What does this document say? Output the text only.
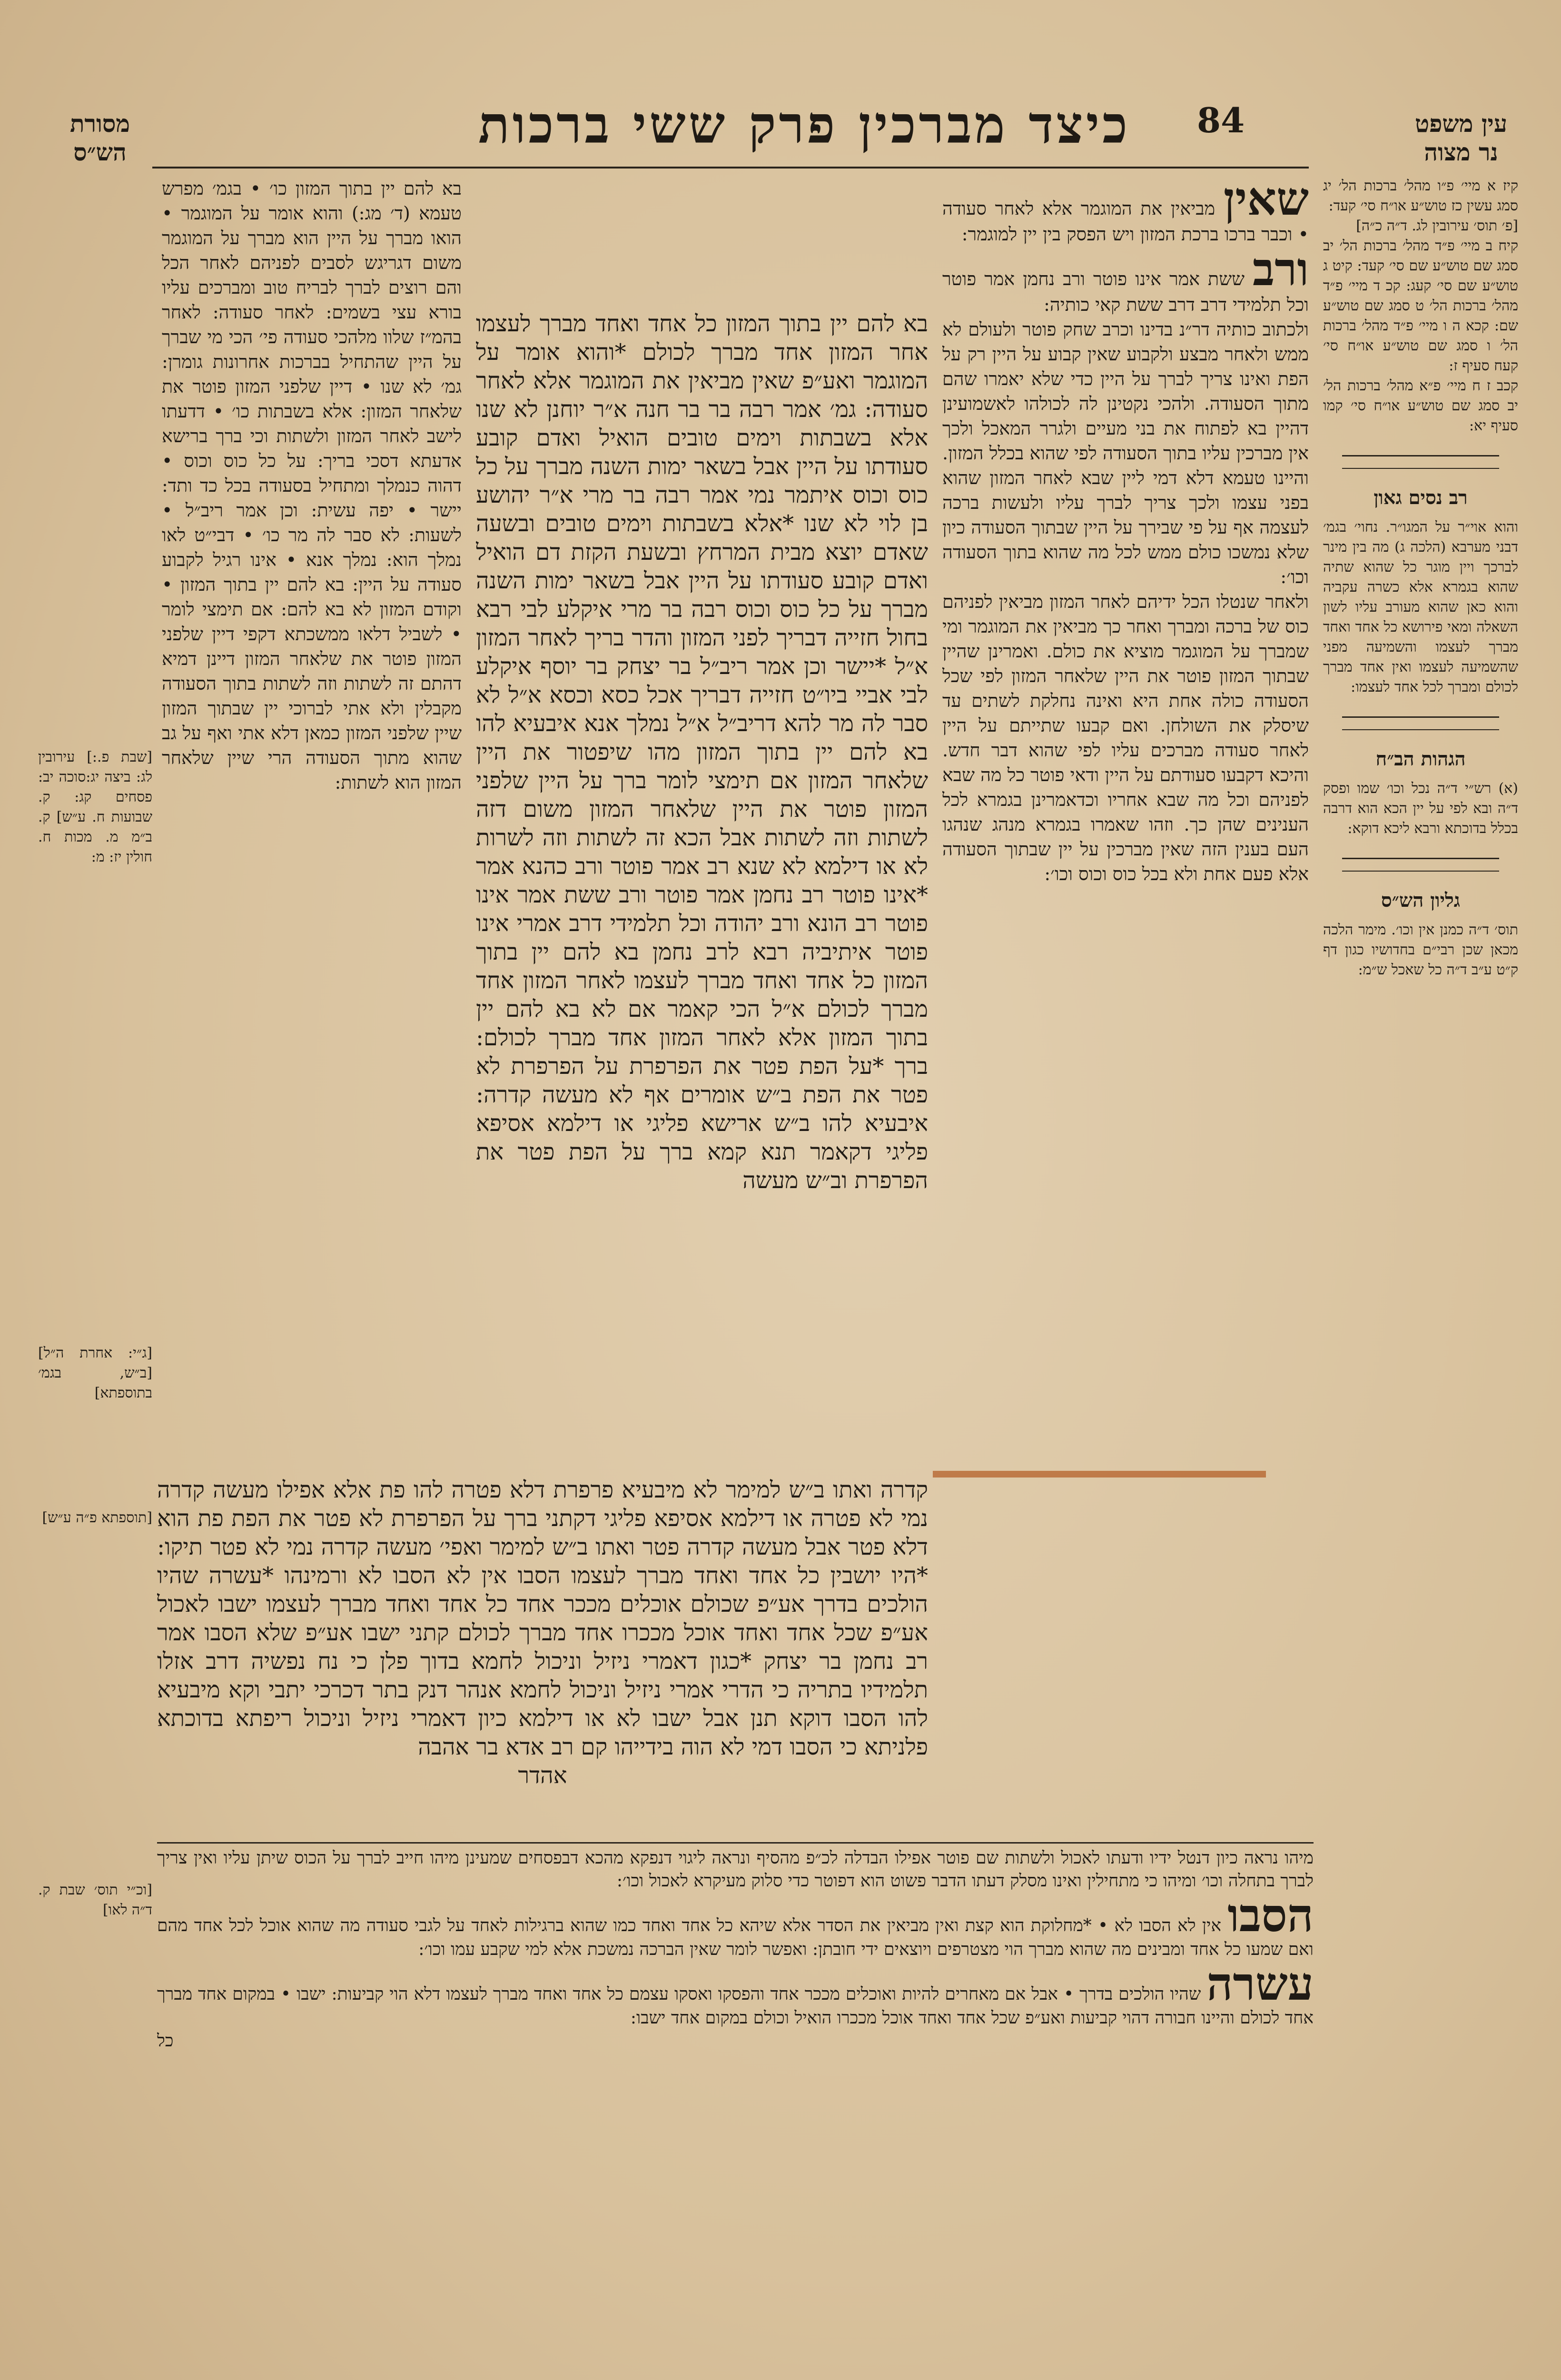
מסורת
הש״ס	כיצד מברכין פרק ששי ברכות	84	עין משפט
נר מצוה

קיז א מיי׳ פ״ו מהל׳ ברכות הל׳ יג סמג עשין כז טוש״ע או״ח סי׳ קעד:
[פ׳ תוס׳ עירובין לג. ד״ה כ״ה]
קיח ב מיי׳ פ״ד מהל׳ ברכות הל׳ יב סמג שם טוש״ע שם סי׳ קעד: קיט ג טוש״ע שם סי׳ קעג: קכ ד מיי׳ פ״ד מהל׳ ברכות הל׳ ט סמג שם טוש״ע שם: קכא ה ו מיי׳ פ״ד מהל׳ ברכות הל׳ ו סמג שם טוש״ע או״ח סי׳ קעח סעיף ז:
קכב ז ח מיי׳ פ״א מהל׳ ברכות הל׳ יב סמג שם טוש״ע או״ח סי׳ קמו סעיף יא:

רב נסים גאון

והוא אוי״ר על המגו״ר. נחוי׳ בגמ׳ דבני מערבא (הלכה ג) מה בין מינר לברכך ויין מוגר כל שהוא שתיה שהוא בגמרא אלא כשרה עקביה והוא כאן שהוא מעורב עליו לשון השאלה ומאי פירושא כל אחד ואחד מברך לעצמו והשמיעה מפני שהשמיעה לעצמו ואין אחד מברך לכולם ומברך לכל אחד לעצמו:

הגהות הב״ח

(א) רש״י ד״ה נכל וכו׳ שמו ופסק ד״ה ובא לפי על יין הכא הוא דרבה בכלל בדוכתא ורבא ליכא דוקא:

גליון הש״ס

תוס׳ ד״ה כמנן אין וכו׳. מימר הלכה מכאן שכן רבי״ם בחדושיו כגון דף ק״ט ע״ב ד״ה כל שאכל ש״מ:

שאין מביאין את המוגמר אלא לאחר סעודה • וכבר ברכו ברכת המזון ויש הפסק בין יין למוגמר:

ורב ששת אמר אינו פוטר ורב נחמן אמר פוטר וכל תלמידי דרב דרב ששת קאי כותיה:

ולכתוב כותיה דר״נ בדינו וכרב שחק פוטר ולעולם לא ממש ולאחר מבצע ולקבוע שאין קבוע על היין רק על הפת ואינו צריך לברך על היין כדי שלא יאמרו שהם מתוך הסעודה. ולהכי נקטינן לה לכולהו לאשמועינן דהיין בא לפתוח את בני מעיים ולגרר המאכל ולכך אין מברכין עליו בתוך הסעודה לפי שהוא בכלל המזון. והיינו טעמא דלא דמי ליין שבא לאחר המזון שהוא בפני עצמו ולכך צריך לברך עליו ולעשות ברכה לעצמה אף על פי שבירך על היין שבתוך הסעודה כיון שלא נמשכו כולם ממש לכל מה שהוא בתוך הסעודה וכו׳:

ולאחר שנטלו הכל ידיהם לאחר המזון מביאין לפניהם כוס של ברכה ומברך ואחר כך מביאין את המוגמר ומי שמברך על המוגמר מוציא את כולם. ואמרינן שהיין שבתוך המזון פוטר את היין שלאחר המזון לפי שכל הסעודה כולה אחת היא ואינה נחלקת לשתים עד שיסלק את השולחן. ואם קבעו שתייתם על היין לאחר סעודה מברכים עליו לפי שהוא דבר חדש. והיכא דקבעו סעודתם על היין ודאי פוטר כל מה שבא לפניהם וכל מה שבא אחריו וכדאמרינן בגמרא לכל הענינים שהן כך. וזהו שאמרו בגמרא מנהג שנהגו העם בענין הזה שאין מברכין על יין שבתוך הסעודה אלא פעם אחת ולא בכל כוס וכוס וכו׳:

בא להם יין בתוך המזון כל אחד ואחד מברך לעצמו אחר המזון אחד מברך לכולם *והוא אומר על המוגמר ואע״פ שאין מביאין את המוגמר אלא לאחר סעודה: גמ׳ אמר רבה בר בר חנה א״ר יוחנן לא שנו אלא בשבתות וימים טובים הואיל ואדם קובע סעודתו על היין אבל בשאר ימות השנה מברך על כל כוס וכוס איתמר נמי אמר רבה בר מרי א״ר יהושע בן לוי לא שנו *אלא בשבתות וימים טובים ובשעה שאדם יוצא מבית המרחץ ובשעת הקזת דם הואיל ואדם קובע סעודתו על היין אבל בשאר ימות השנה מברך על כל כוס וכוס רבה בר מרי איקלע לבי רבא בחול חזייה דבריך לפני המזון והדר בריך לאחר המזון א״ל *יישר וכן אמר ריב״ל בר יצחק בר יוסף איקלע לבי אביי ביו״ט חזייה דבריך אכל כסא וכסא א״ל לא סבר לה מר להא דריב״ל א״ל נמלך אנא איבעיא להו בא להם יין בתוך המזון מהו שיפטור את היין שלאחר המזון אם תימצי לומר ברך על היין שלפני המזון פוטר את היין שלאחר המזון משום דזה לשתות וזה לשתות אבל הכא זה לשתות וזה לשרות לא או דילמא לא שנא רב אמר פוטר ורב כהנא אמר *אינו פוטר רב נחמן אמר פוטר ורב ששת אמר אינו פוטר רב הונא ורב יהודה וכל תלמידי דרב אמרי אינו פוטר איתיביה רבא לרב נחמן בא להם יין בתוך המזון כל אחד ואחד מברך לעצמו לאחר המזון אחד מברך לכולם א״ל הכי קאמר אם לא בא להם יין בתוך המזון אלא לאחר המזון אחד מברך לכולם: ברך *על הפת פטר את הפרפרת על הפרפרת לא פטר את הפת ב״ש אומרים אף לא מעשה קדרה: איבעיא להו ב״ש ארישא פליגי או דילמא אסיפא פליגי דקאמר תנא קמא ברך על הפת פטר את הפרפרת וב״ש מעשה

קדרה ואתו ב״ש למימר לא מיבעיא פרפרת דלא פטרה להו פת אלא אפילו מעשה קדרה נמי לא פטרה או דילמא אסיפא פליגי דקתני ברך על הפרפרת לא פטר את הפת פת הוא דלא פטר אבל מעשה קדרה פטר ואתו ב״ש למימר ואפי׳ מעשה קדרה נמי לא פטר תיקו: *היו יושבין כל אחד ואחד מברך לעצמו הסבו אין לא הסבו לא ורמינהו *עשרה שהיו הולכים בדרך אע״פ שכולם אוכלים מככר אחד כל אחד ואחד מברך לעצמו ישבו לאכול אע״פ שכל אחד ואחד אוכל מככרו אחד מברך לכולם קתני ישבו אע״פ שלא הסבו אמר רב נחמן בר יצחק *כגון דאמרי ניזיל וניכול לחמא בדוך פלן כי נח נפשיה דרב אזלו תלמידיו בתריה כי הדרי אמרי ניזיל וניכול לחמא אנהר דנק בתר דכרכי יתבי וקא מיבעיא להו הסבו דוקא תנן אבל ישבו לא או דילמא כיון דאמרי ניזיל וניכול ריפתא בדוכתא פלניתא כי הסבו דמי לא הוה בידייהו קם רב אדא בר אהבה

אהדר

בא להם יין בתוך המזון כו׳ • בגמ׳ מפרש טעמא (ד׳ מג:) והוא אומר על המוגמר • הואו מברך על היין הוא מברך על המוגמר משום דגריגש לסבים לפניהם לאחר הכל והם רוצים לברך לבריח טוב ומברכים עליו בורא עצי בשמים: לאחר סעודה: לאחר בהמ״ז שלוו מלהכי סעודה פי׳ הכי מי שברך על היין שהתחיל בברכות אחרונות גומרן: גמ׳ לא שנו • דיין שלפני המזון פוטר את שלאחר המזון: אלא בשבתות כו׳ • דדעתו לישב לאחר המזון ולשתות וכי ברך ברישא אדעתא דסכי בריך: על כל כוס וכוס • דהוה כנמלך ומתחיל בסעודה בכל כד ותד: יישר • יפה עשית: וכן אמר ריב״ל • לשעות: לא סבר לה מר כו׳ • דבי״ט לאו נמלך הוא: נמלך אנא • אינו רגיל לקבוע סעודה על היין: בא להם יין בתוך המזון • וקודם המזון לא בא להם: אם תימצי לומר • לשביל דלאו ממשכתא דקפי דיין שלפני המזון פוטר את שלאחר המזון דיינן דמיא דהתם זה לשתות וזה לשתות בתוך הסעודה מקבלין ולא אתי לברוכי יין שבתוך המזון שיין שלפני המזון כמאן דלא אתי ואף על גב שהוא מתוך הסעודה הרי שיין שלאחר המזון הוא לשתות:

[שבת פ.:] עירובין לג: ביצה יג:סוכה יב: פסחים קג: ק. שבועות ח. ע״ש] ק. ב״מ מ. מכות ח. חולין יז: מ:

[ג״י: אחרת ה״ל] [ב״ש, בגמ׳ בתוספתא]

[תוספתא פ״ה ע״ש]

[וכ״י תוס׳ שבת ק. ד״ה לאו]

מיהו נראה כיון דנטל ידיו ודעתו לאכול ולשתות שם פוטר אפילו הבדלה לכ״פ מהסיף ונראה ליגוי דנפקא מהכא דבפסחים שמעינן מיהו חייב לברך על הכוס שיתן עליו ואין צריך לברך בתחלה וכו׳ ומיהו כי מתחילין ואינו מסלק דעתו הדבר פשוט הוא דפוטר כדי סלוק מעיקרא לאכול וכו׳:

הסבו אין לא הסבו לא • *מחלוקת הוא קצת ואין מביאין את הסדר אלא שיהא כל אחד ואחד כמו שהוא ברגילות לאחד על לגבי סעודה מה שהוא אוכל לכל אחד מהם ואם שמעו כל אחד ומבינים מה שהוא מברך הוי מצטרפים ויוצאים ידי חובתן: ואפשר לומר שאין הברכה נמשכת אלא למי שקבע עמו וכו׳:

עשרה שהיו הולכים בדרך • אבל אם מאחרים להיות ואוכלים מככר אחד והפסקו ואסקו עצמם כל אחד ואחד מברך לעצמו דלא הוי קביעות: ישבו • במקום אחד מברך אחד לכולם והיינו חבורה דהוי קביעות ואע״פ שכל אחד ואחד אוכל מככרו הואיל וכולם במקום אחד ישבו:

כל
